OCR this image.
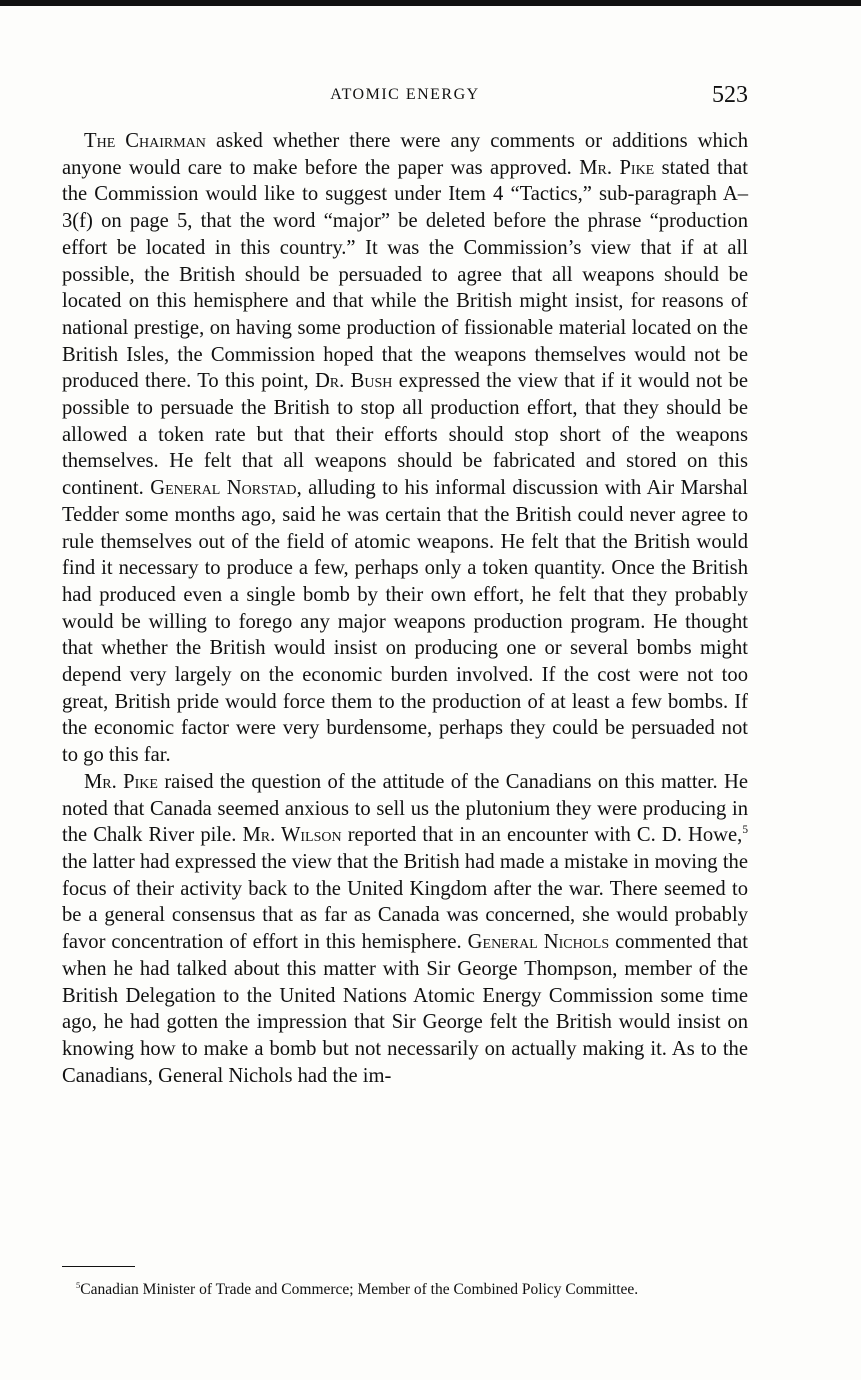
ATOMIC ENERGY	523

The Chairman asked whether there were any comments or additions which anyone would care to make before the paper was approved. Mr. Pike stated that the Commission would like to suggest under Item 4 “Tactics,” sub-paragraph A–3(f) on page 5, that the word “major” be deleted before the phrase “production effort be located in this country.” It was the Commission’s view that if at all possible, the British should be persuaded to agree that all weapons should be located on this hemisphere and that while the British might insist, for reasons of national prestige, on having some production of fissionable material located on the British Isles, the Commission hoped that the weapons themselves would not be produced there. To this point, Dr. Bush expressed the view that if it would not be possible to persuade the British to stop all production effort, that they should be allowed a token rate but that their efforts should stop short of the weapons themselves. He felt that all weapons should be fabricated and stored on this continent. General Norstad, alluding to his informal discussion with Air Marshal Tedder some months ago, said he was certain that the British could never agree to rule themselves out of the field of atomic weapons. He felt that the British would find it necessary to produce a few, perhaps only a token quantity. Once the British had produced even a single bomb by their own effort, he felt that they probably would be willing to forego any major weapons production program. He thought that whether the British would insist on producing one or several bombs might depend very largely on the economic burden involved. If the cost were not too great, British pride would force them to the production of at least a few bombs. If the economic factor were very burdensome, perhaps they could be persuaded not to go this far.

Mr. Pike raised the question of the attitude of the Canadians on this matter. He noted that Canada seemed anxious to sell us the plutonium they were producing in the Chalk River pile. Mr. Wilson reported that in an encounter with C. D. Howe,$^5$ the latter had expressed the view that the British had made a mistake in moving the focus of their activity back to the United Kingdom after the war. There seemed to be a general consensus that as far as Canada was concerned, she would probably favor concentration of effort in this hemisphere. General Nichols commented that when he had talked about this matter with Sir George Thompson, member of the British Delegation to the United Nations Atomic Energy Commission some time ago, he had gotten the impression that Sir George felt the British would insist on knowing how to make a bomb but not necessarily on actually making it. As to the Canadians, General Nichols had the im-

$^5$Canadian Minister of Trade and Commerce; Member of the Combined Policy Committee.
